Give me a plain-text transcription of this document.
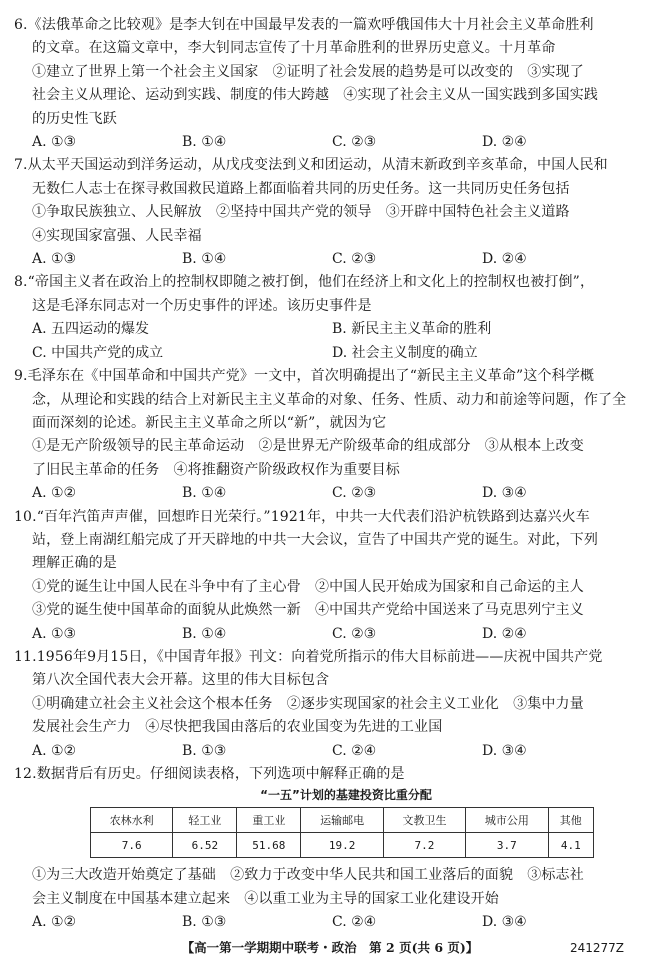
6.《法俄革命之比较观》是李大钊在中国最早发表的一篇欢呼俄国伟大十月社会主义革命胜利
的文章。在这篇文章中，李大钊同志宣传了十月革命胜利的世界历史意义。十月革命
①建立了世界上第一个社会主义国家　②证明了社会发展的趋势是可以改变的　③实现了
社会主义从理论、运动到实践、制度的伟大跨越　④实现了社会主义从一国实践到多国实践
的历史性飞跃
A. ①③	B. ①④	C. ②③	D. ②④
7.从太平天国运动到洋务运动，从戊戌变法到义和团运动，从清末新政到辛亥革命，中国人民和
无数仁人志士在探寻救国救民道路上都面临着共同的历史任务。这一共同历史任务包括
①争取民族独立、人民解放　②坚持中国共产党的领导　③开辟中国特色社会主义道路
④实现国家富强、人民幸福
A. ①③	B. ①④	C. ②③	D. ②④
8.“帝国主义者在政治上的控制权即随之被打倒，他们在经济上和文化上的控制权也被打倒”，
这是毛泽东同志对一个历史事件的评述。该历史事件是
A. 五四运动的爆发	B. 新民主主义革命的胜利
C. 中国共产党的成立	D. 社会主义制度的确立
9.毛泽东在《中国革命和中国共产党》一文中，首次明确提出了“新民主主义革命”这个科学概
念，从理论和实践的结合上对新民主主义革命的对象、任务、性质、动力和前途等问题，作了全
面而深刻的论述。新民主主义革命之所以“新”，就因为它
①是无产阶级领导的民主革命运动　②是世界无产阶级革命的组成部分　③从根本上改变
了旧民主革命的任务　④将推翻资产阶级政权作为重要目标
A. ①②	B. ①④	C. ②③	D. ③④
10.“百年汽笛声声催，回想昨日光荣行。”1921年，中共一大代表们沿沪杭铁路到达嘉兴火车
站，登上南湖红船完成了开天辟地的中共一大会议，宣告了中国共产党的诞生。对此，下列
理解正确的是
①党的诞生让中国人民在斗争中有了主心骨　②中国人民开始成为国家和自己命运的主人
③党的诞生使中国革命的面貌从此焕然一新　④中国共产党给中国送来了马克思列宁主义
A. ①③	B. ①④	C. ②③	D. ②④
11.1956年9月15日，《中国青年报》刊文：向着党所指示的伟大目标前进——庆祝中国共产党
第八次全国代表大会开幕。这里的伟大目标包含
①明确建立社会主义社会这个根本任务　②逐步实现国家的社会主义工业化　③集中力量
发展社会生产力　④尽快把我国由落后的农业国变为先进的工业国
A. ①②	B. ①③	C. ②④	D. ③④
12.数据背后有历史。仔细阅读表格，下列选项中解释正确的是
“一五”计划的基建投资比重分配
农林水利	轻工业	重工业	运输邮电	文教卫生	城市公用	其他
7.6	6.52	51.68	19.2	7.2	3.7	4.1
①为三大改造开始奠定了基础　②致力于改变中华人民共和国工业落后的面貌　③标志社
会主义制度在中国基本建立起来　④以重工业为主导的国家工业化建设开始
A. ①②	B. ①③	C. ②④	D. ③④
【高一第一学期期中联考・政治　第 2 页(共 6 页)】	241277Z
